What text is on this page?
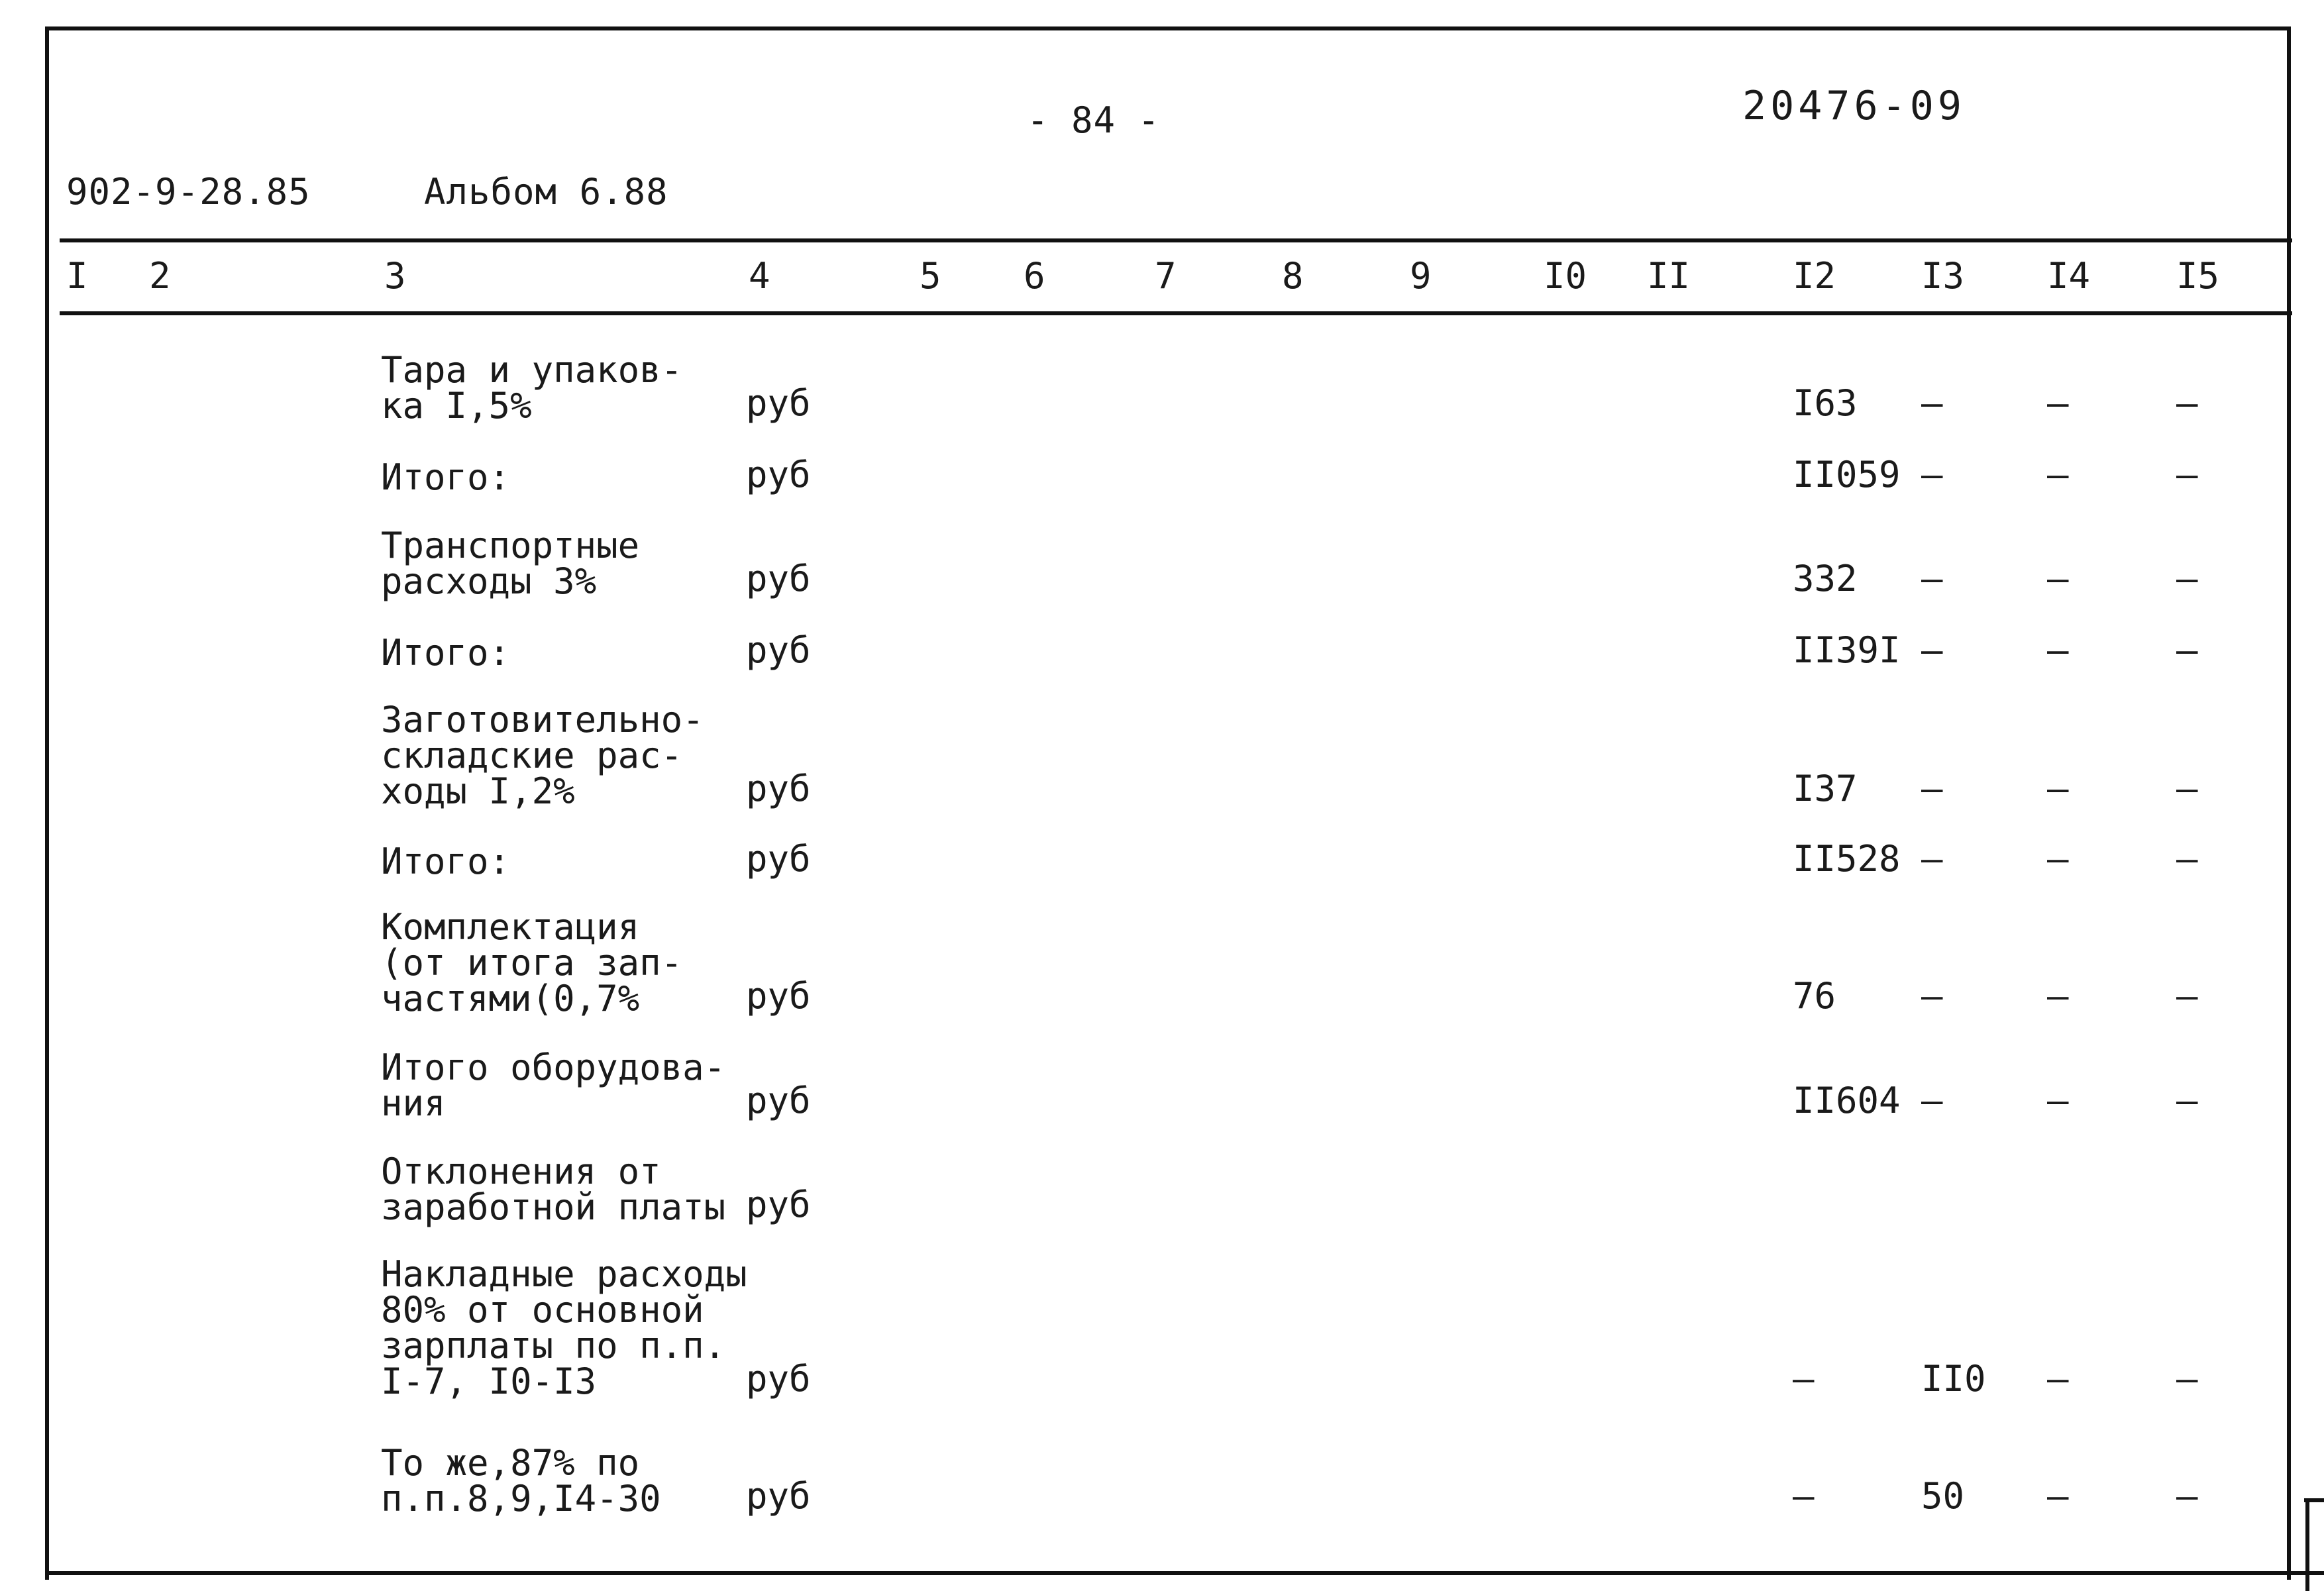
- 84 -	20476-09
902-9-28.85	Альбом 6.88
I 2	3	4	5 6	7	8	9	I0 II	I2 I3 I4 I5
Тара и упаков-
ка I,5%	руб	I63 –	–	–
Итого:	руб	II059 –	–	–
Транспортные
расходы 3%	руб	332 –	–	–
Итого:	руб	II39I –	–	–
Заготовительно-
складские рас-
ходы I,2%	руб	I37 –	–	–
Итого:	руб	II528 –	–	–
Комплектация
(от итога зап-
частями(0,7%	руб	76 –	–	–
Итого оборудова-
ния	руб	II604 –	–	–
Отклонения от
заработной платы руб
Накладные расходы
80% от основной
зарплаты по п.п.
I-7, I0-I3	руб	–	II0 –	–
То же,87% по
п.п.8,9,I4-30 руб	–	50 –	–
